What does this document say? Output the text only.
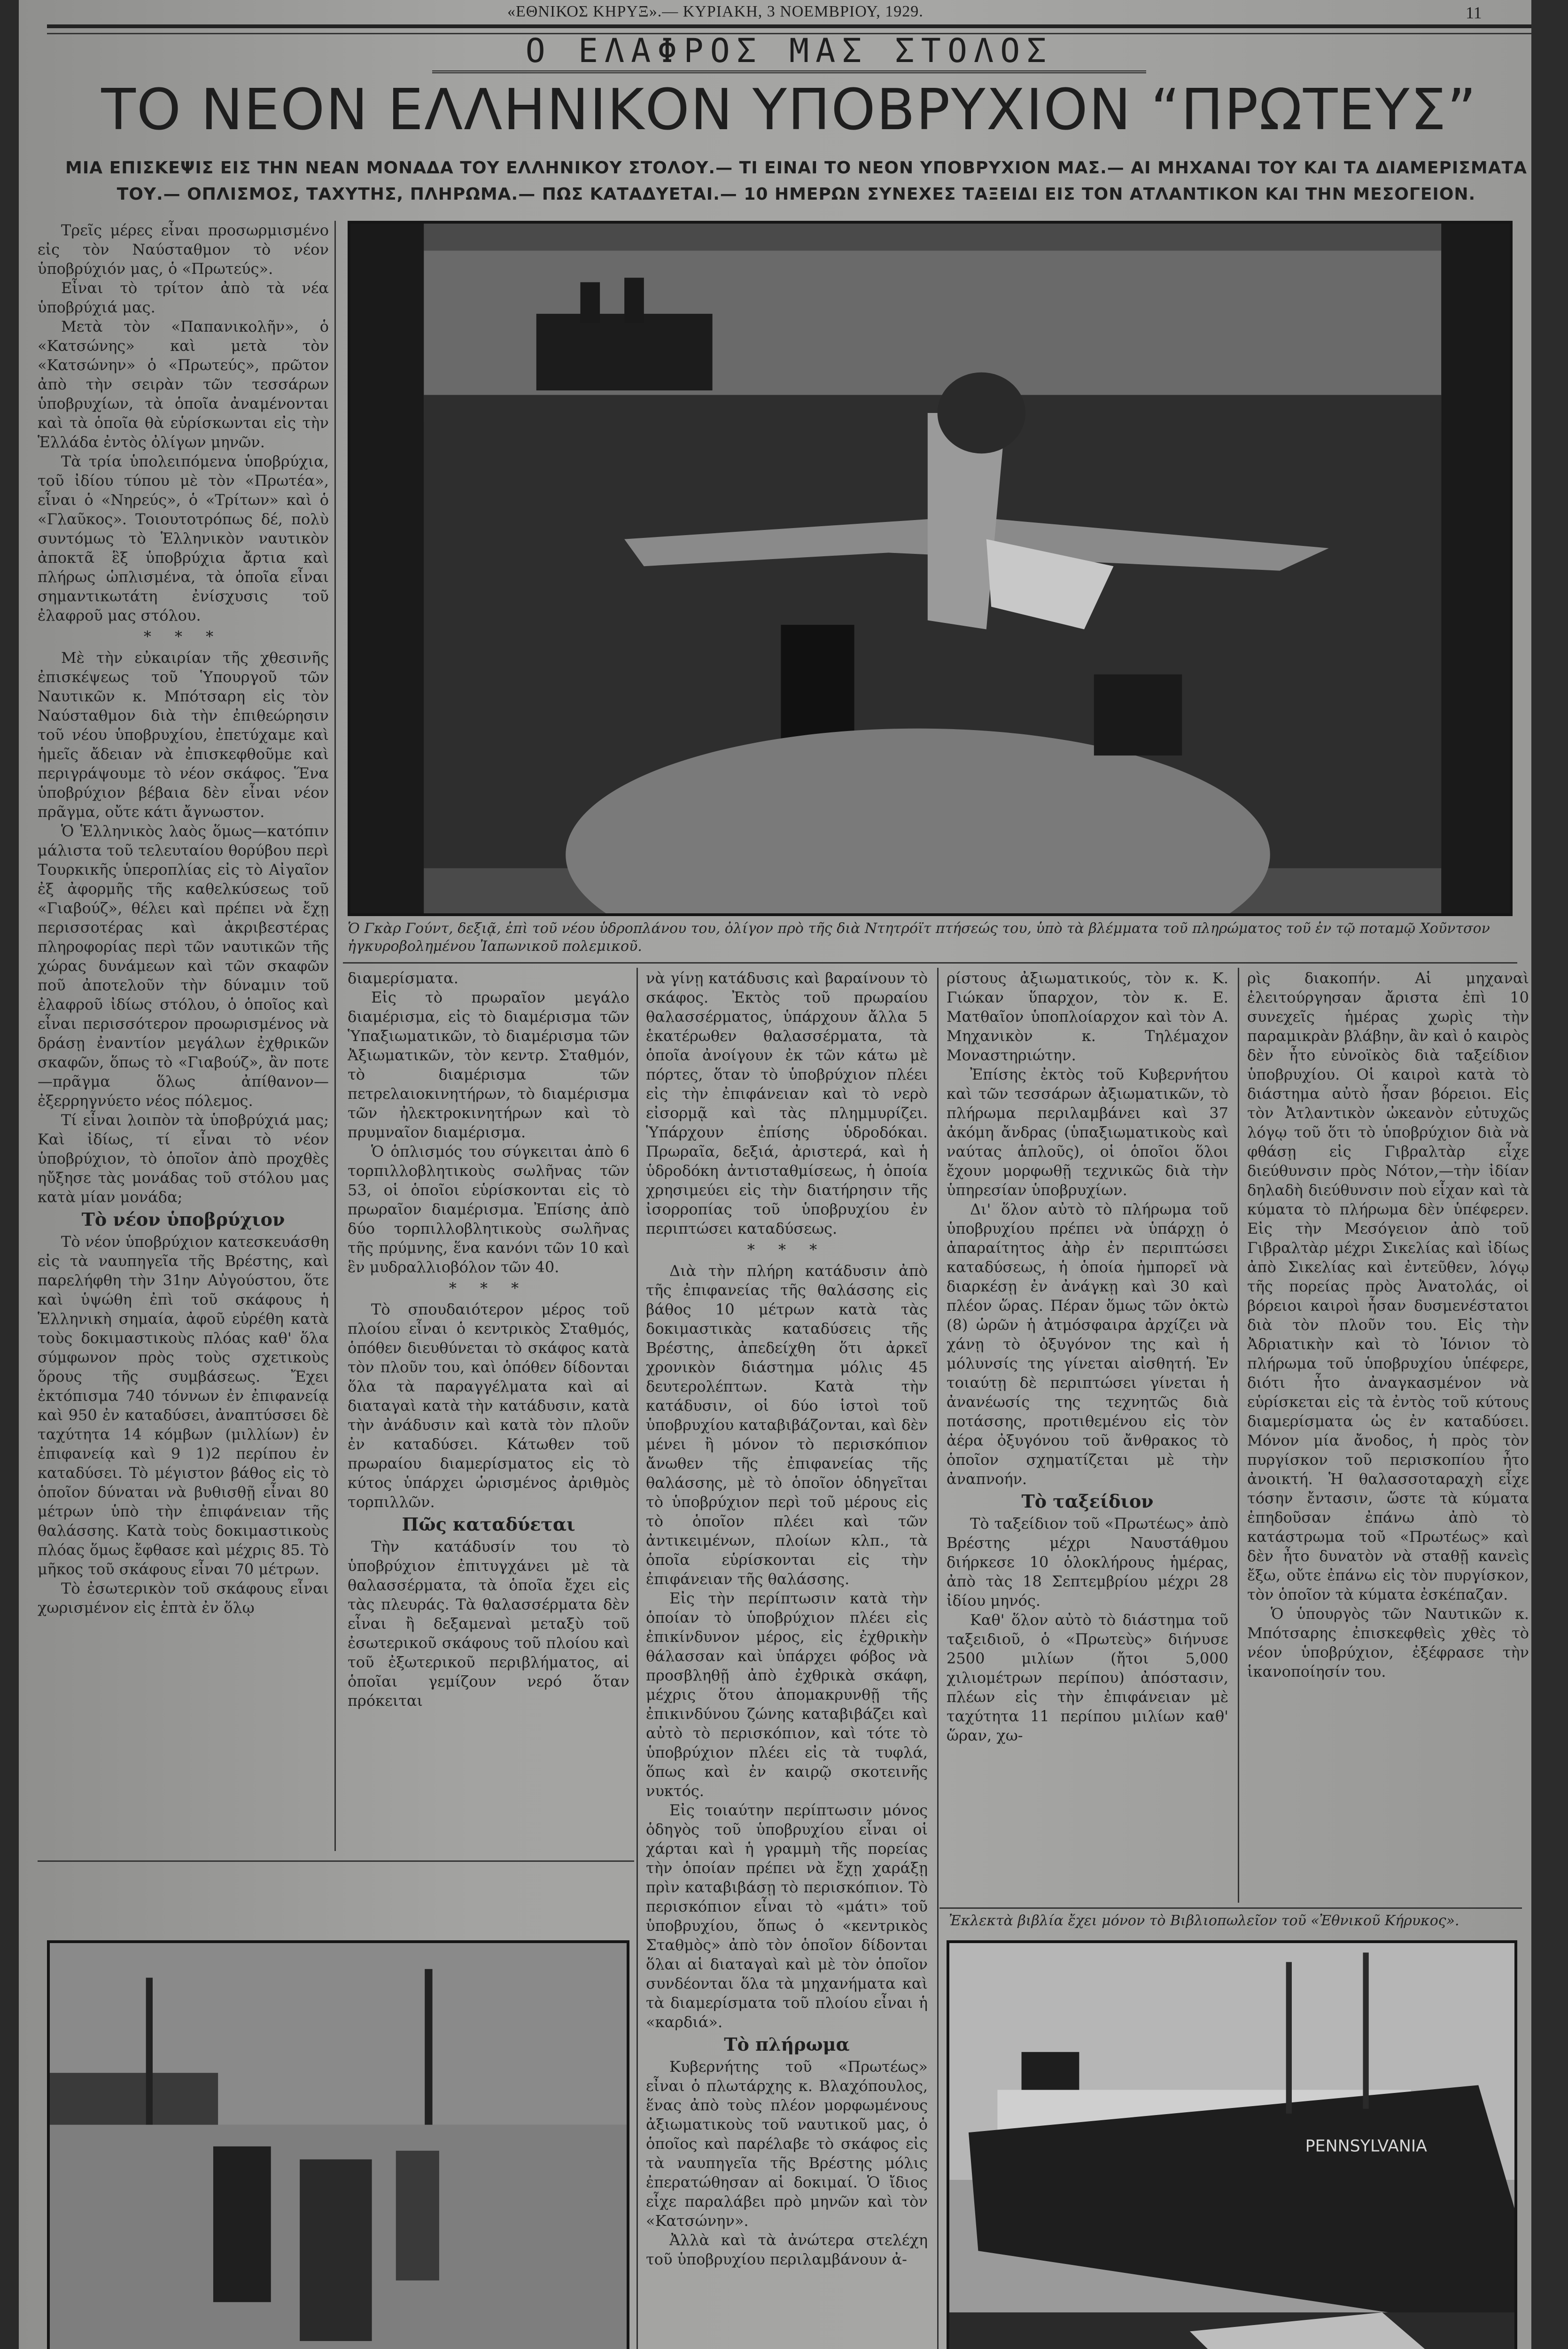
«ΕΘΝΙΚΟΣ ΚΗΡΥΞ».— ΚΥΡΙΑΚΗ, 3 ΝΟΕΜΒΡΙΟΥ, 1929.	11
Ο ΕΛΑΦΡΟΣ ΜΑΣ ΣΤΟΛΟΣ
ΤΟ ΝΕΟΝ ΕΛΛΗΝΙΚΟΝ ΥΠΟΒΡΥΧΙΟΝ “ΠΡΩΤΕΥΣ”
ΜΙΑ ΕΠΙΣΚΕΨΙΣ ΕΙΣ ΤΗΝ ΝΕΑΝ ΜΟΝΑΔΑ ΤΟΥ ΕΛΛΗΝΙΚΟΥ ΣΤΟΛΟΥ.— ΤΙ ΕΙΝΑΙ ΤΟ ΝΕΟΝ ΥΠΟΒΡΥΧΙΟΝ ΜΑΣ.— ΑΙ ΜΗΧΑΝΑΙ ΤΟΥ ΚΑΙ ΤΑ ΔΙΑΜΕΡΙΣΜΑΤΑ ΤΟΥ.— ΟΠΛΙΣΜΟΣ, ΤΑΧΥΤΗΣ, ΠΛΗΡΩΜΑ.— ΠΩΣ ΚΑΤΑΔΥΕΤΑΙ.— 10 ΗΜΕΡΩΝ ΣΥΝΕΧΕΣ ΤΑΞΕΙΔΙ ΕΙΣ ΤΟΝ ΑΤΛΑΝΤΙΚΟΝ ΚΑΙ ΤΗΝ ΜΕΣΟΓΕΙΟΝ.

Τρεῖς μέρες εἶναι προσωρμισμένο εἰς τὸν Ναύσταθμον τὸ νέον ὑποβρύχιόν μας, ὁ «Πρωτεύς».

Εἶναι τὸ τρίτον ἀπὸ τὰ νέα ὑποβρύχιά μας.

Μετὰ τὸν «Παπανικολῆν», ὁ «Κατσώνης» καὶ μετὰ τὸν «Κατσώνην» ὁ «Πρωτεύς», πρῶτον ἀπὸ τὴν σειρὰν τῶν τεσσάρων ὑποβρυχίων, τὰ ὁποῖα ἀναμένονται καὶ τὰ ὁποῖα θὰ εὑρίσκωνται εἰς τὴν Ἑλλάδα ἐντὸς ὀλίγων μηνῶν.

Τὰ τρία ὑπολειπόμενα ὑποβρύχια, τοῦ ἰδίου τύπου μὲ τὸν «Πρωτέα», εἶναι ὁ «Νηρεύς», ὁ «Τρίτων» καὶ ὁ «Γλαῦκος». Τοιουτοτρόπως δέ, πολὺ συντόμως τὸ Ἑλληνικὸν ναυτικὸν ἀποκτᾶ ἓξ ὑποβρύχια ἄρτια καὶ πλήρως ὡπλισμένα, τὰ ὁποῖα εἶναι σημαντικωτάτη ἐνίσχυσις τοῦ ἐλαφροῦ μας στόλου.

* * *

Μὲ τὴν εὐκαιρίαν τῆς χθεσινῆς ἐπισκέψεως τοῦ Ὑπουργοῦ τῶν Ναυτικῶν κ. Μπότσαρη εἰς τὸν Ναύσταθμον διὰ τὴν ἐπιθεώρησιν τοῦ νέου ὑποβρυχίου, ἐπετύχαμε καὶ ἡμεῖς ἄδειαν νὰ ἐπισκεφθοῦμε καὶ περιγράψουμε τὸ νέον σκάφος. Ἕνα ὑποβρύχιον βέβαια δὲν εἶναι νέον πρᾶγμα, οὔτε κάτι ἄγνωστον.

Ὁ Ἑλληνικὸς λαὸς ὅμως—κατόπιν μάλιστα τοῦ τελευταίου θορύβου περὶ Τουρκικῆς ὑπεροπλίας εἰς τὸ Αἰγαῖον ἐξ ἀφορμῆς τῆς καθελκύσεως τοῦ «Γιαβούζ», θέλει καὶ πρέπει νὰ ἔχῃ περισσοτέρας καὶ ἀκριβεστέρας πληροφορίας περὶ τῶν ναυτικῶν τῆς χώρας δυνάμεων καὶ τῶν σκαφῶν ποῦ ἀποτελοῦν τὴν δύναμιν τοῦ ἐλαφροῦ ἰδίως στόλου, ὁ ὁποῖος καὶ εἶναι περισσότερον προωρισμένος νὰ δράσῃ ἐναντίον μεγάλων ἐχθρικῶν σκαφῶν, ὅπως τὸ «Γιαβούζ», ἂν ποτε—πρᾶγμα ὅλως ἀπίθανον—ἐξερρηγνύετο νέος πόλεμος.

Τί εἶναι λοιπὸν τὰ ὑποβρύχιά μας; Καὶ ἰδίως, τί εἶναι τὸ νέον ὑποβρύχιον, τὸ ὁποῖον ἀπὸ προχθὲς ηὔξησε τὰς μονάδας τοῦ στόλου μας κατὰ μίαν μονάδα;

Τὸ νέον ὑποβρύχιον

Τὸ νέον ὑποβρύχιον κατεσκευάσθη εἰς τὰ ναυπηγεῖα τῆς Βρέστης, καὶ παρελήφθη τὴν 31ην Αὐγούστου, ὅτε καὶ ὑψώθη ἐπὶ τοῦ σκάφους ἡ Ἑλληνικὴ σημαία, ἀφοῦ εὑρέθη κατὰ τοὺς δοκιμαστικοὺς πλόας καθ' ὅλα σύμφωνον πρὸς τοὺς σχετικοὺς ὅρους τῆς συμβάσεως. Ἔχει ἐκτόπισμα 740 τόννων ἐν ἐπιφανείᾳ καὶ 950 ἐν καταδύσει, ἀναπτύσσει δὲ ταχύτητα 14 κόμβων (μιλλίων) ἐν ἐπιφανείᾳ καὶ 9 1)2 περίπου ἐν καταδύσει. Τὸ μέγιστον βάθος εἰς τὸ ὁποῖον δύναται νὰ βυθισθῇ εἶναι 80 μέτρων ὑπὸ τὴν ἐπιφάνειαν τῆς θαλάσσης. Κατὰ τοὺς δοκιμαστικοὺς πλόας ὅμως ἔφθασε καὶ μέχρις 85. Τὸ μῆκος τοῦ σκάφους εἶναι 70 μέτρων.

Τὸ ἐσωτερικὸν τοῦ σκάφους εἶναι χωρισμένον εἰς ἑπτὰ ἐν ὅλῳ

Ὁ Γκὰρ Γούντ, δεξιᾷ, ἐπὶ τοῦ νέου ὑδροπλάνου του, ὀλίγον πρὸ τῆς διὰ Ντητρόϊτ πτήσεώς του, ὑπὸ τὰ βλέμματα τοῦ πληρώματος τοῦ ἐν τῷ ποταμῷ Χοῦντσον ἠγκυροβολημένου Ἰαπωνικοῦ πολεμικοῦ.

διαμερίσματα.

Εἰς τὸ πρωραῖον μεγάλο διαμέρισμα, εἰς τὸ διαμέρισμα τῶν Ὑπαξιωματικῶν, τὸ διαμέρισμα τῶν Ἀξιωματικῶν, τὸν κεντρ. Σταθμόν, τὸ διαμέρισμα τῶν πετρελαιοκινητήρων, τὸ διαμέρισμα τῶν ἠλεκτροκινητήρων καὶ τὸ πρυμναῖον διαμέρισμα.

Ὁ ὁπλισμός του σύγκειται ἀπὸ 6 τορπιλλοβλητικοὺς σωλῆνας τῶν 53, οἱ ὁποῖοι εὑρίσκονται εἰς τὸ πρωραῖον διαμέρισμα. Ἐπίσης ἀπὸ δύο τορπιλλοβλητικοὺς σωλῆνας τῆς πρύμνης, ἕνα κανόνι τῶν 10 καὶ ἓν μυδραλλιοβόλον τῶν 40.

* * *

Τὸ σπουδαιότερον μέρος τοῦ πλοίου εἶναι ὁ κεντρικὸς Σταθμός, ὁπόθεν διευθύνεται τὸ σκάφος κατὰ τὸν πλοῦν του, καὶ ὁπόθεν δίδονται ὅλα τὰ παραγγέλματα καὶ αἱ διαταγαὶ κατὰ τὴν κατάδυσιν, κατὰ τὴν ἀνάδυσιν καὶ κατὰ τὸν πλοῦν ἐν καταδύσει. Κάτωθεν τοῦ πρωραίου διαμερίσματος εἰς τὸ κύτος ὑπάρχει ὡρισμένος ἀριθμὸς τορπιλλῶν.

Πῶς καταδύεται

Τὴν κατάδυσίν του τὸ ὑποβρύχιον ἐπιτυγχάνει μὲ τὰ θαλασσέρματα, τὰ ὁποῖα ἔχει εἰς τὰς πλευράς. Τὰ θαλασσέρματα δὲν εἶναι ἢ δεξαμεναὶ μεταξὺ τοῦ ἐσωτερικοῦ σκάφους τοῦ πλοίου καὶ τοῦ ἐξωτερικοῦ περιβλήματος, αἱ ὁποῖαι γεμίζουν νερό ὅταν πρόκειται

νὰ γίνῃ κατάδυσις καὶ βαραίνουν τὸ σκάφος. Ἐκτὸς τοῦ πρωραίου θαλασσέρματος, ὑπάρχουν ἄλλα 5 ἑκατέρωθεν θαλασσέρματα, τὰ ὁποῖα ἀνοίγουν ἐκ τῶν κάτω μὲ πόρτες, ὅταν τὸ ὑποβρύχιον πλέει εἰς τὴν ἐπιφάνειαν καὶ τὸ νερὸ εἰσορμᾷ καὶ τὰς πλημμυρίζει. Ὑπάρχουν ἐπίσης ὑδροδόκαι. Πρωραῖα, δεξιά, ἀριστερά, καὶ ἡ ὑδροδόκη ἀντισταθμίσεως, ἡ ὁποία χρησιμεύει εἰς τὴν διατήρησιν τῆς ἰσορροπίας τοῦ ὑποβρυχίου ἐν περιπτώσει καταδύσεως.

* * *

Διὰ τὴν πλήρη κατάδυσιν ἀπὸ τῆς ἐπιφανείας τῆς θαλάσσης εἰς βάθος 10 μέτρων κατὰ τὰς δοκιμαστικὰς καταδύσεις τῆς Βρέστης, ἀπεδείχθη ὅτι ἀρκεῖ χρονικὸν διάστημα μόλις 45 δευτερολέπτων. Κατὰ τὴν κατάδυσιν, οἱ δύο ἱστοὶ τοῦ ὑποβρυχίου καταβιβάζονται, καὶ δὲν μένει ἢ μόνον τὸ περισκόπιον ἄνωθεν τῆς ἐπιφανείας τῆς θαλάσσης, μὲ τὸ ὁποῖον ὁδηγεῖται τὸ ὑποβρύχιον περὶ τοῦ μέρους εἰς τὸ ὁποῖον πλέει καὶ τῶν ἀντικειμένων, πλοίων κλπ., τὰ ὁποῖα εὑρίσκονται εἰς τὴν ἐπιφάνειαν τῆς θαλάσσης.

Εἰς τὴν περίπτωσιν κατὰ τὴν ὁποίαν τὸ ὑποβρύχιον πλέει εἰς ἐπικίνδυνον μέρος, εἰς ἐχθρικὴν θάλασσαν καὶ ὑπάρχει φόβος νὰ προσβληθῇ ἀπὸ ἐχθρικὰ σκάφη, μέχρις ὅτου ἀπομακρυνθῇ τῆς ἐπικινδύνου ζώνης καταβιβάζει καὶ αὐτὸ τὸ περισκόπιον, καὶ τότε τὸ ὑποβρύχιον πλέει εἰς τὰ τυφλά, ὅπως καὶ ἐν καιρῷ σκοτεινῆς νυκτός.

Εἰς τοιαύτην περίπτωσιν μόνος ὁδηγὸς τοῦ ὑποβρυχίου εἶναι οἱ χάρται καὶ ἡ γραμμὴ τῆς πορείας τὴν ὁποίαν πρέπει νὰ ἔχῃ χαράξῃ πρὶν καταβιβάσῃ τὸ περισκόπιον. Τὸ περισκόπιον εἶναι τὸ «μάτι» τοῦ ὑποβρυχίου, ὅπως ὁ «κεντρικὸς Σταθμὸς» ἀπὸ τὸν ὁποῖον δίδονται ὅλαι αἱ διαταγαὶ καὶ μὲ τὸν ὁποῖον συνδέονται ὅλα τὰ μηχανήματα καὶ τὰ διαμερίσματα τοῦ πλοίου εἶναι ἡ «καρδιά».

Τὸ πλήρωμα

Κυβερνήτης τοῦ «Πρωτέως» εἶναι ὁ πλωτάρχης κ. Βλαχόπουλος, ἕνας ἀπὸ τοὺς πλέον μορφωμένους ἀξιωματικοὺς τοῦ ναυτικοῦ μας, ὁ ὁποῖος καὶ παρέλαβε τὸ σκάφος εἰς τὰ ναυπηγεῖα τῆς Βρέστης μόλις ἐπερατώθησαν αἱ δοκιμαί. Ὁ ἴδιος εἶχε παραλάβει πρὸ μηνῶν καὶ τὸν «Κατσώνην».

Ἀλλὰ καὶ τὰ ἀνώτερα στελέχη τοῦ ὑποβρυχίου περιλαμβάνουν ἀ-

ρίστους ἀξιωματικούς, τὸν κ. Κ. Γιώκαν ὕπαρχον, τὸν κ. Ε. Ματθαῖον ὑποπλοίαρχον καὶ τὸν Α. Μηχανικὸν κ. Τηλέμαχον Μοναστηριώτην.

Ἐπίσης ἐκτὸς τοῦ Κυβερνήτου καὶ τῶν τεσσάρων ἀξιωματικῶν, τὸ πλήρωμα περιλαμβάνει καὶ 37 ἀκόμη ἄνδρας (ὑπαξιωματικοὺς καὶ ναύτας ἁπλοῦς), οἱ ὁποῖοι ὅλοι ἔχουν μορφωθῇ τεχνικῶς διὰ τὴν ὑπηρεσίαν ὑποβρυχίων.

Δι' ὅλον αὐτὸ τὸ πλήρωμα τοῦ ὑποβρυχίου πρέπει νὰ ὑπάρχῃ ὁ ἀπαραίτητος ἀὴρ ἐν περιπτώσει καταδύσεως, ἡ ὁποία ἠμπορεῖ νὰ διαρκέσῃ ἐν ἀνάγκῃ καὶ 30 καὶ πλέον ὥρας. Πέραν ὅμως τῶν ὀκτὼ (8) ὡρῶν ἡ ἀτμόσφαιρα ἀρχίζει νὰ χάνῃ τὸ ὀξυγόνον της καὶ ἡ μόλυνσίς της γίνεται αἰσθητή. Ἐν τοιαύτῃ δὲ περιπτώσει γίνεται ἡ ἀνανέωσίς της τεχνητῶς διὰ ποτάσσης, προτιθεμένου εἰς τὸν ἀέρα ὀξυγόνου τοῦ ἄνθρακος τὸ ὁποῖον σχηματίζεται μὲ τὴν ἀναπνοήν.

Τὸ ταξείδιον

Τὸ ταξείδιον τοῦ «Πρωτέως» ἀπὸ Βρέστης μέχρι Ναυστάθμου διήρκεσε 10 ὁλοκλήρους ἡμέρας, ἀπὸ τὰς 18 Σεπτεμβρίου μέχρι 28 ἰδίου μηνός.

Καθ' ὅλον αὐτὸ τὸ διάστημα τοῦ ταξειδιοῦ, ὁ «Πρωτεὺς» διήνυσε 2500 μιλίων (ἤτοι 5,000 χιλιομέτρων περίπου) ἀπόστασιν, πλέων εἰς τὴν ἐπιφάνειαν μὲ ταχύτητα 11 περίπου μιλίων καθ' ὥραν, χω-

ρὶς διακοπήν. Αἱ μηχαναὶ ἐλειτούργησαν ἄριστα ἐπὶ 10 συνεχεῖς ἡμέρας χωρὶς τὴν παραμικρὰν βλάβην, ἂν καὶ ὁ καιρὸς δὲν ἦτο εὐνοϊκὸς διὰ ταξείδιον ὑποβρυχίου. Οἱ καιροὶ κατὰ τὸ διάστημα αὐτὸ ἦσαν βόρειοι. Εἰς τὸν Ἀτλαντικὸν ὠκεανὸν εὐτυχῶς λόγῳ τοῦ ὅτι τὸ ὑποβρύχιον διὰ νὰ φθάσῃ εἰς Γιβραλτὰρ εἶχε διεύθυνσιν πρὸς Νότον,—τὴν ἰδίαν δηλαδὴ διεύθυνσιν ποὺ εἶχαν καὶ τὰ κύματα τὸ πλήρωμα δὲν ὑπέφερεν. Εἰς τὴν Μεσόγειον ἀπὸ τοῦ Γιβραλτὰρ μέχρι Σικελίας καὶ ἰδίως ἀπὸ Σικελίας καὶ ἐντεῦθεν, λόγῳ τῆς πορείας πρὸς Ἀνατολάς, οἱ βόρειοι καιροὶ ἦσαν δυσμενέστατοι διὰ τὸν πλοῦν του. Εἰς τὴν Ἀδριατικὴν καὶ τὸ Ἰόνιον τὸ πλήρωμα τοῦ ὑποβρυχίου ὑπέφερε, διότι ἦτο ἀναγκασμένον νὰ εὑρίσκεται εἰς τὰ ἐντὸς τοῦ κύτους διαμερίσματα ὡς ἐν καταδύσει. Μόνον μία ἄνοδος, ἡ πρὸς τὸν πυργίσκον τοῦ περισκοπίου ἦτο ἀνοικτή. Ἡ θαλασσοταραχὴ εἶχε τόσην ἔντασιν, ὥστε τὰ κύματα ἐπηδοῦσαν ἐπάνω ἀπὸ τὸ κατάστρωμα τοῦ «Πρωτέως» καὶ δὲν ἦτο δυνατὸν νὰ σταθῇ κανεὶς ἔξω, οὔτε ἐπάνω εἰς τὸν πυργίσκον, τὸν ὁποῖον τὰ κύματα ἐσκέπαζαν.

Ὁ ὑπουργὸς τῶν Ναυτικῶν κ. Μπότσαρης ἐπισκεφθεὶς χθὲς τὸ νέον ὑποβρύχιον, ἐξέφρασε τὴν ἱκανοποίησίν του.

Ἐκλεκτὰ βιβλία ἔχει μόνον τὸ Βιβλιοπωλεῖον τοῦ «Ἐθνικοῦ Κήρυκος».
PENNSYLVANIA
